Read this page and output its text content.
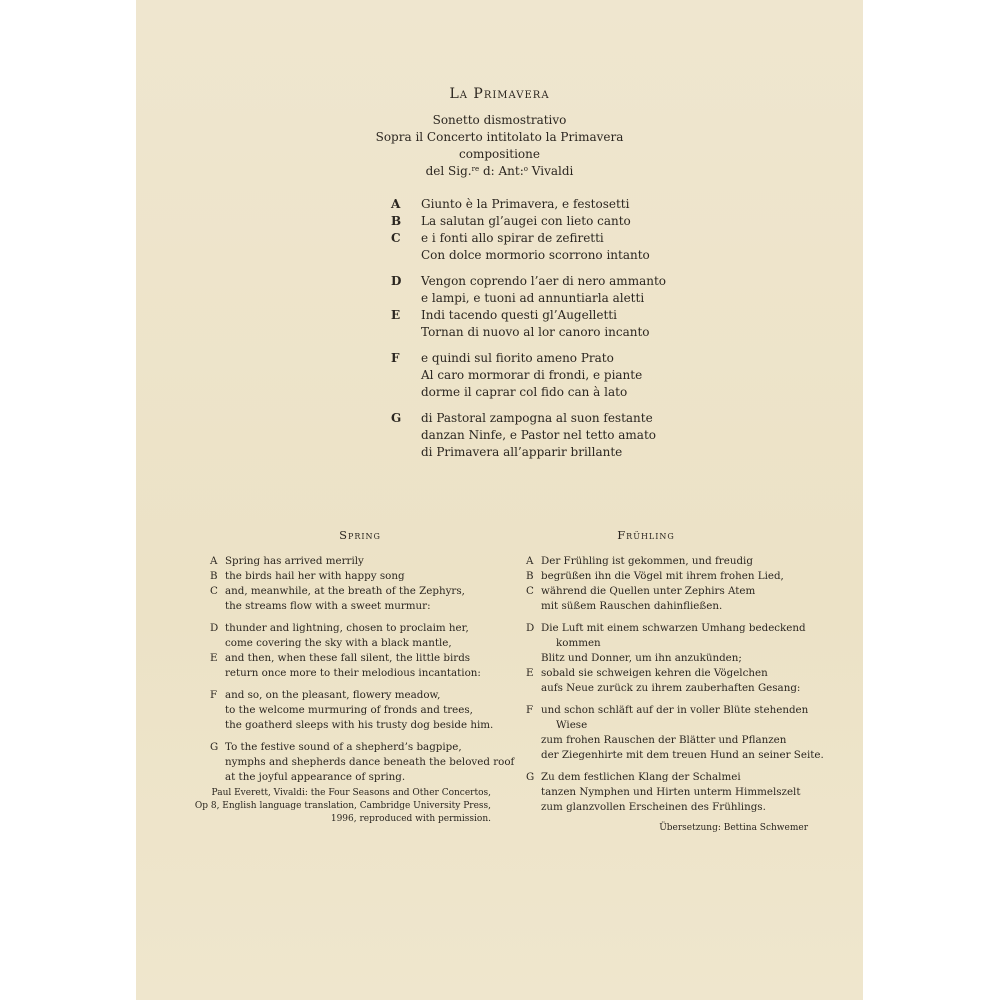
La Primavera
Sonetto dismostrativo
Sopra il Concerto intitolato la Primavera
compositione
del Sig.$^{re}$ d: Ant:$^o$ Vivaldi
A	Giunto è la Primavera, e festosetti
B	La salutan gl’augei con lieto canto
C	e i fonti allo spirar de zefiretti
Con dolce mormorio scorrono intanto
D Vengon coprendo l’aer di nero ammanto
e lampi, e tuoni ad annuntiarla aletti
E	Indi tacendo questi gl’Augelletti
Tornan di nuovo al lor canoro incanto
F	e quindi sul fiorito ameno Prato
Al caro mormorar di frondi, e piante
dorme il caprar col fido can à lato
G	di Pastoral zampogna al suon festante
danzan Ninfe, e Pastor nel tetto amato
di Primavera all’apparir brillante
Spring
A Spring has arrived merrily
B the birds hail her with happy song
C and, meanwhile, at the breath of the Zephyrs,
the streams flow with a sweet murmur:
D thunder and lightning, chosen to proclaim her,
come covering the sky with a black mantle,
E and then, when these fall silent, the little birds
return once more to their melodious incantation:
F and so, on the pleasant, flowery meadow,
to the welcome murmuring of fronds and trees,
the goatherd sleeps with his trusty dog beside him.
G To the festive sound of a shepherd’s bagpipe,
nymphs and shepherds dance beneath the beloved roof
at the joyful appearance of spring.
Paul Everett, Vivaldi: the Four Seasons and Other Concertos,
Op 8, English language translation, Cambridge University Press,
1996, reproduced with permission.
Frühling
A Der Frühling ist gekommen, und freudig
B begrüßen ihn die Vögel mit ihrem frohen Lied,
C während die Quellen unter Zephirs Atem
mit süßem Rauschen dahinfließen.
D Die Luft mit einem schwarzen Umhang bedeckend
kommen
Blitz und Donner, um ihn anzukünden;
E sobald sie schweigen kehren die Vögelchen
aufs Neue zurück zu ihrem zauberhaften Gesang:
F und schon schläft auf der in voller Blüte stehenden
Wiese
zum frohen Rauschen der Blätter und Pflanzen
der Ziegenhirte mit dem treuen Hund an seiner Seite.
G Zu dem festlichen Klang der Schalmei
tanzen Nymphen und Hirten unterm Himmelszelt
zum glanzvollen Erscheinen des Frühlings.
Übersetzung: Bettina Schwemer
